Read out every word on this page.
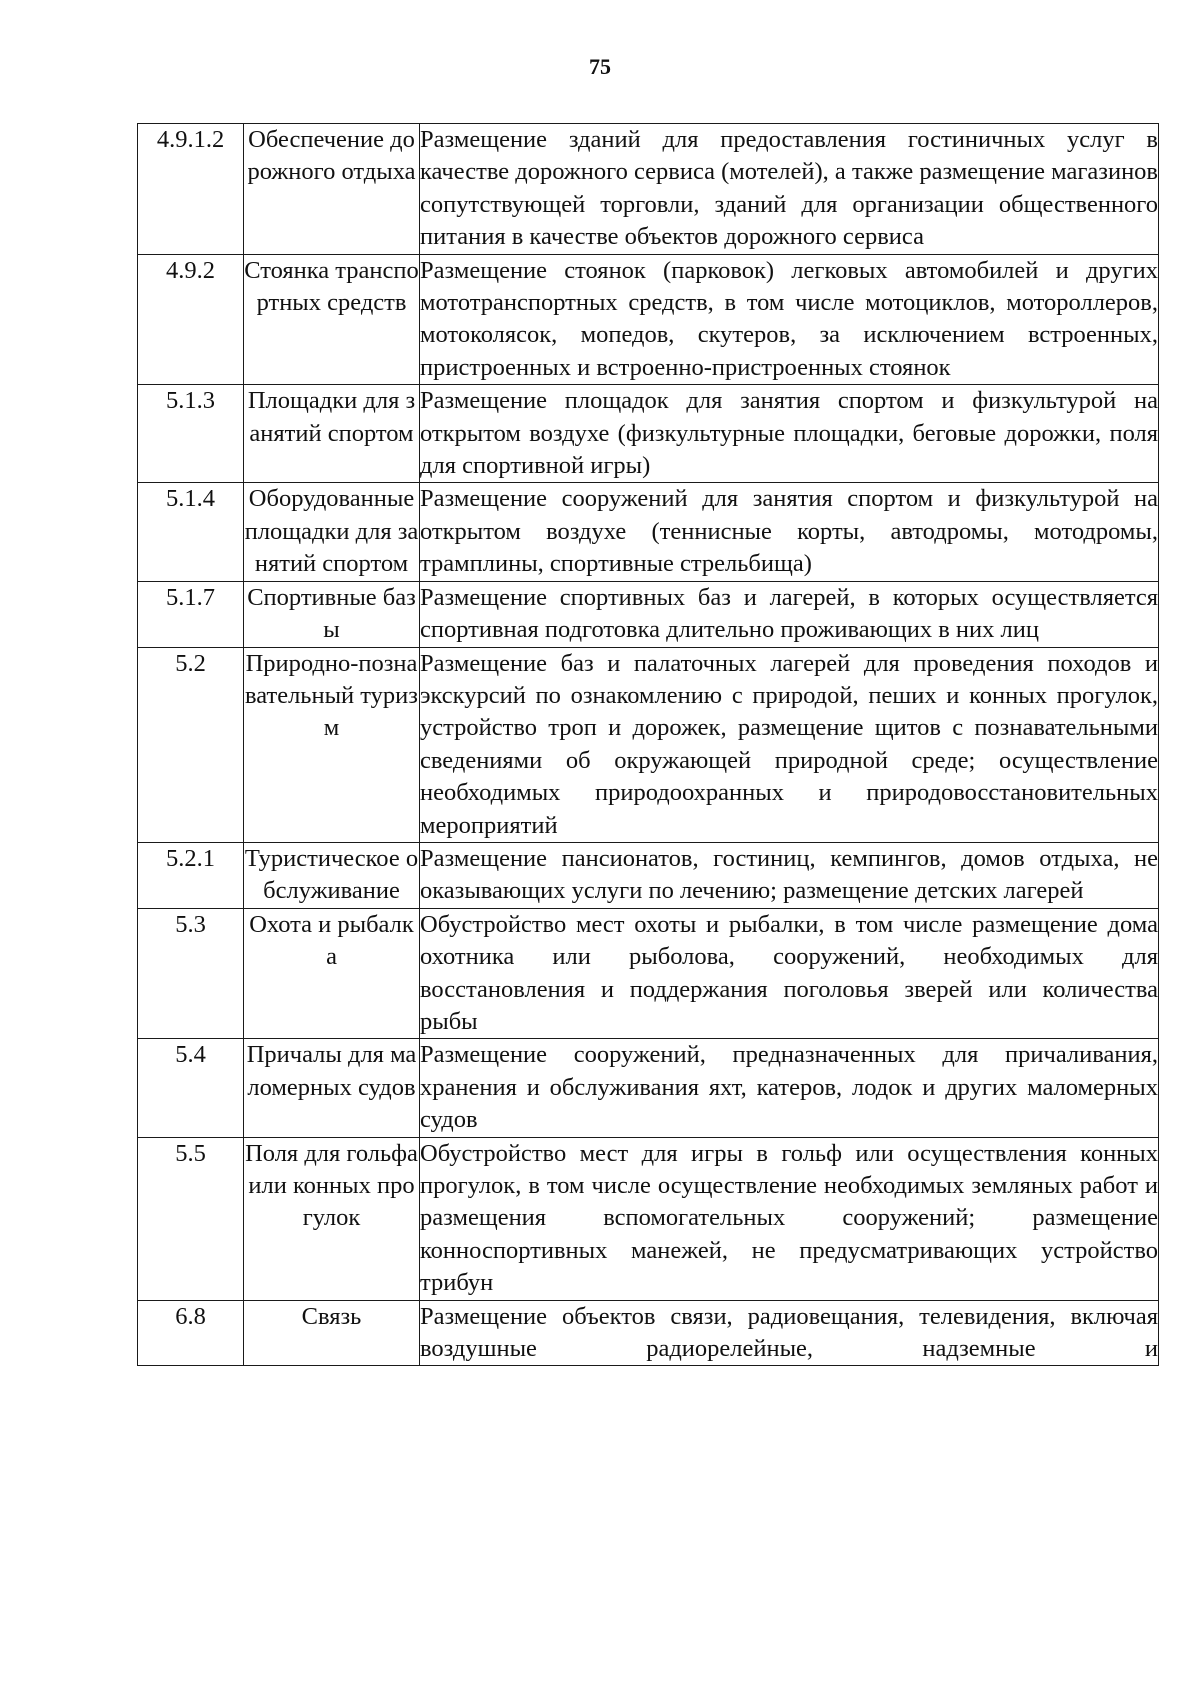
75
4.9.1.2	Обеспечение дорожного отдыха	Размещение зданий для предоставления гостиничных услуг в качестве дорожного сервиса (мотелей), а также размещение магазинов сопутствующей торговли, зданий для организации общественного питания в качестве объектов дорожного сервиса
4.9.2	Стоянка транспортных средств	Размещение стоянок (парковок) легковых автомобилей и других мототранспортных средств, в том числе мотоциклов, мотороллеров, мотоколясок, мопедов, скутеров, за исключением встроенных, пристроенных и встроенно-пристроенных стоянок
5.1.3	Площадки для занятий спортом	Размещение площадок для занятия спортом и физкультурой на открытом воздухе (физкультурные площадки, беговые дорожки, поля для спортивной игры)
5.1.4	Оборудованные площадки для занятий спортом	Размещение сооружений для занятия спортом и физкультурой на открытом воздухе (теннисные корты, автодромы, мотодромы, трамплины, спортивные стрельбища)
5.1.7	Спортивные базы	Размещение спортивных баз и лагерей, в которых осуществляется спортивная подготовка длительно проживающих в них лиц
5.2	Природно-познавательный туризм	Размещение баз и палаточных лагерей для проведения походов и экскурсий по ознакомлению с природой, пеших и конных прогулок, устройство троп и дорожек, размещение щитов с познавательными сведениями об окружающей природной среде; осуществление необходимых природоохранных и природовосстановительных мероприятий
5.2.1	Туристическое обслуживание	Размещение пансионатов, гостиниц, кемпингов, домов отдыха, не оказывающих услуги по лечению; размещение детских лагерей
5.3	Охота и рыбалка	Обустройство мест охоты и рыбалки, в том числе размещение дома охотника или рыболова, сооружений, необходимых для восстановления и поддержания поголовья зверей или количества рыбы
5.4	Причалы для маломерных судов	Размещение сооружений, предназначенных для причаливания, хранения и обслуживания яхт, катеров, лодок и других маломерных судов
5.5	Поля для гольфа или конных прогулок	Обустройство мест для игры в гольф или осуществления конных прогулок, в том числе осуществление необходимых земляных работ и размещения вспомогательных сооружений; размещение конноспортивных манежей, не предусматривающих устройство трибун

6.8	Связь	Размещение объектов связи, радиовещания, телевидения, включая воздушные радиорелейные, надземные и
